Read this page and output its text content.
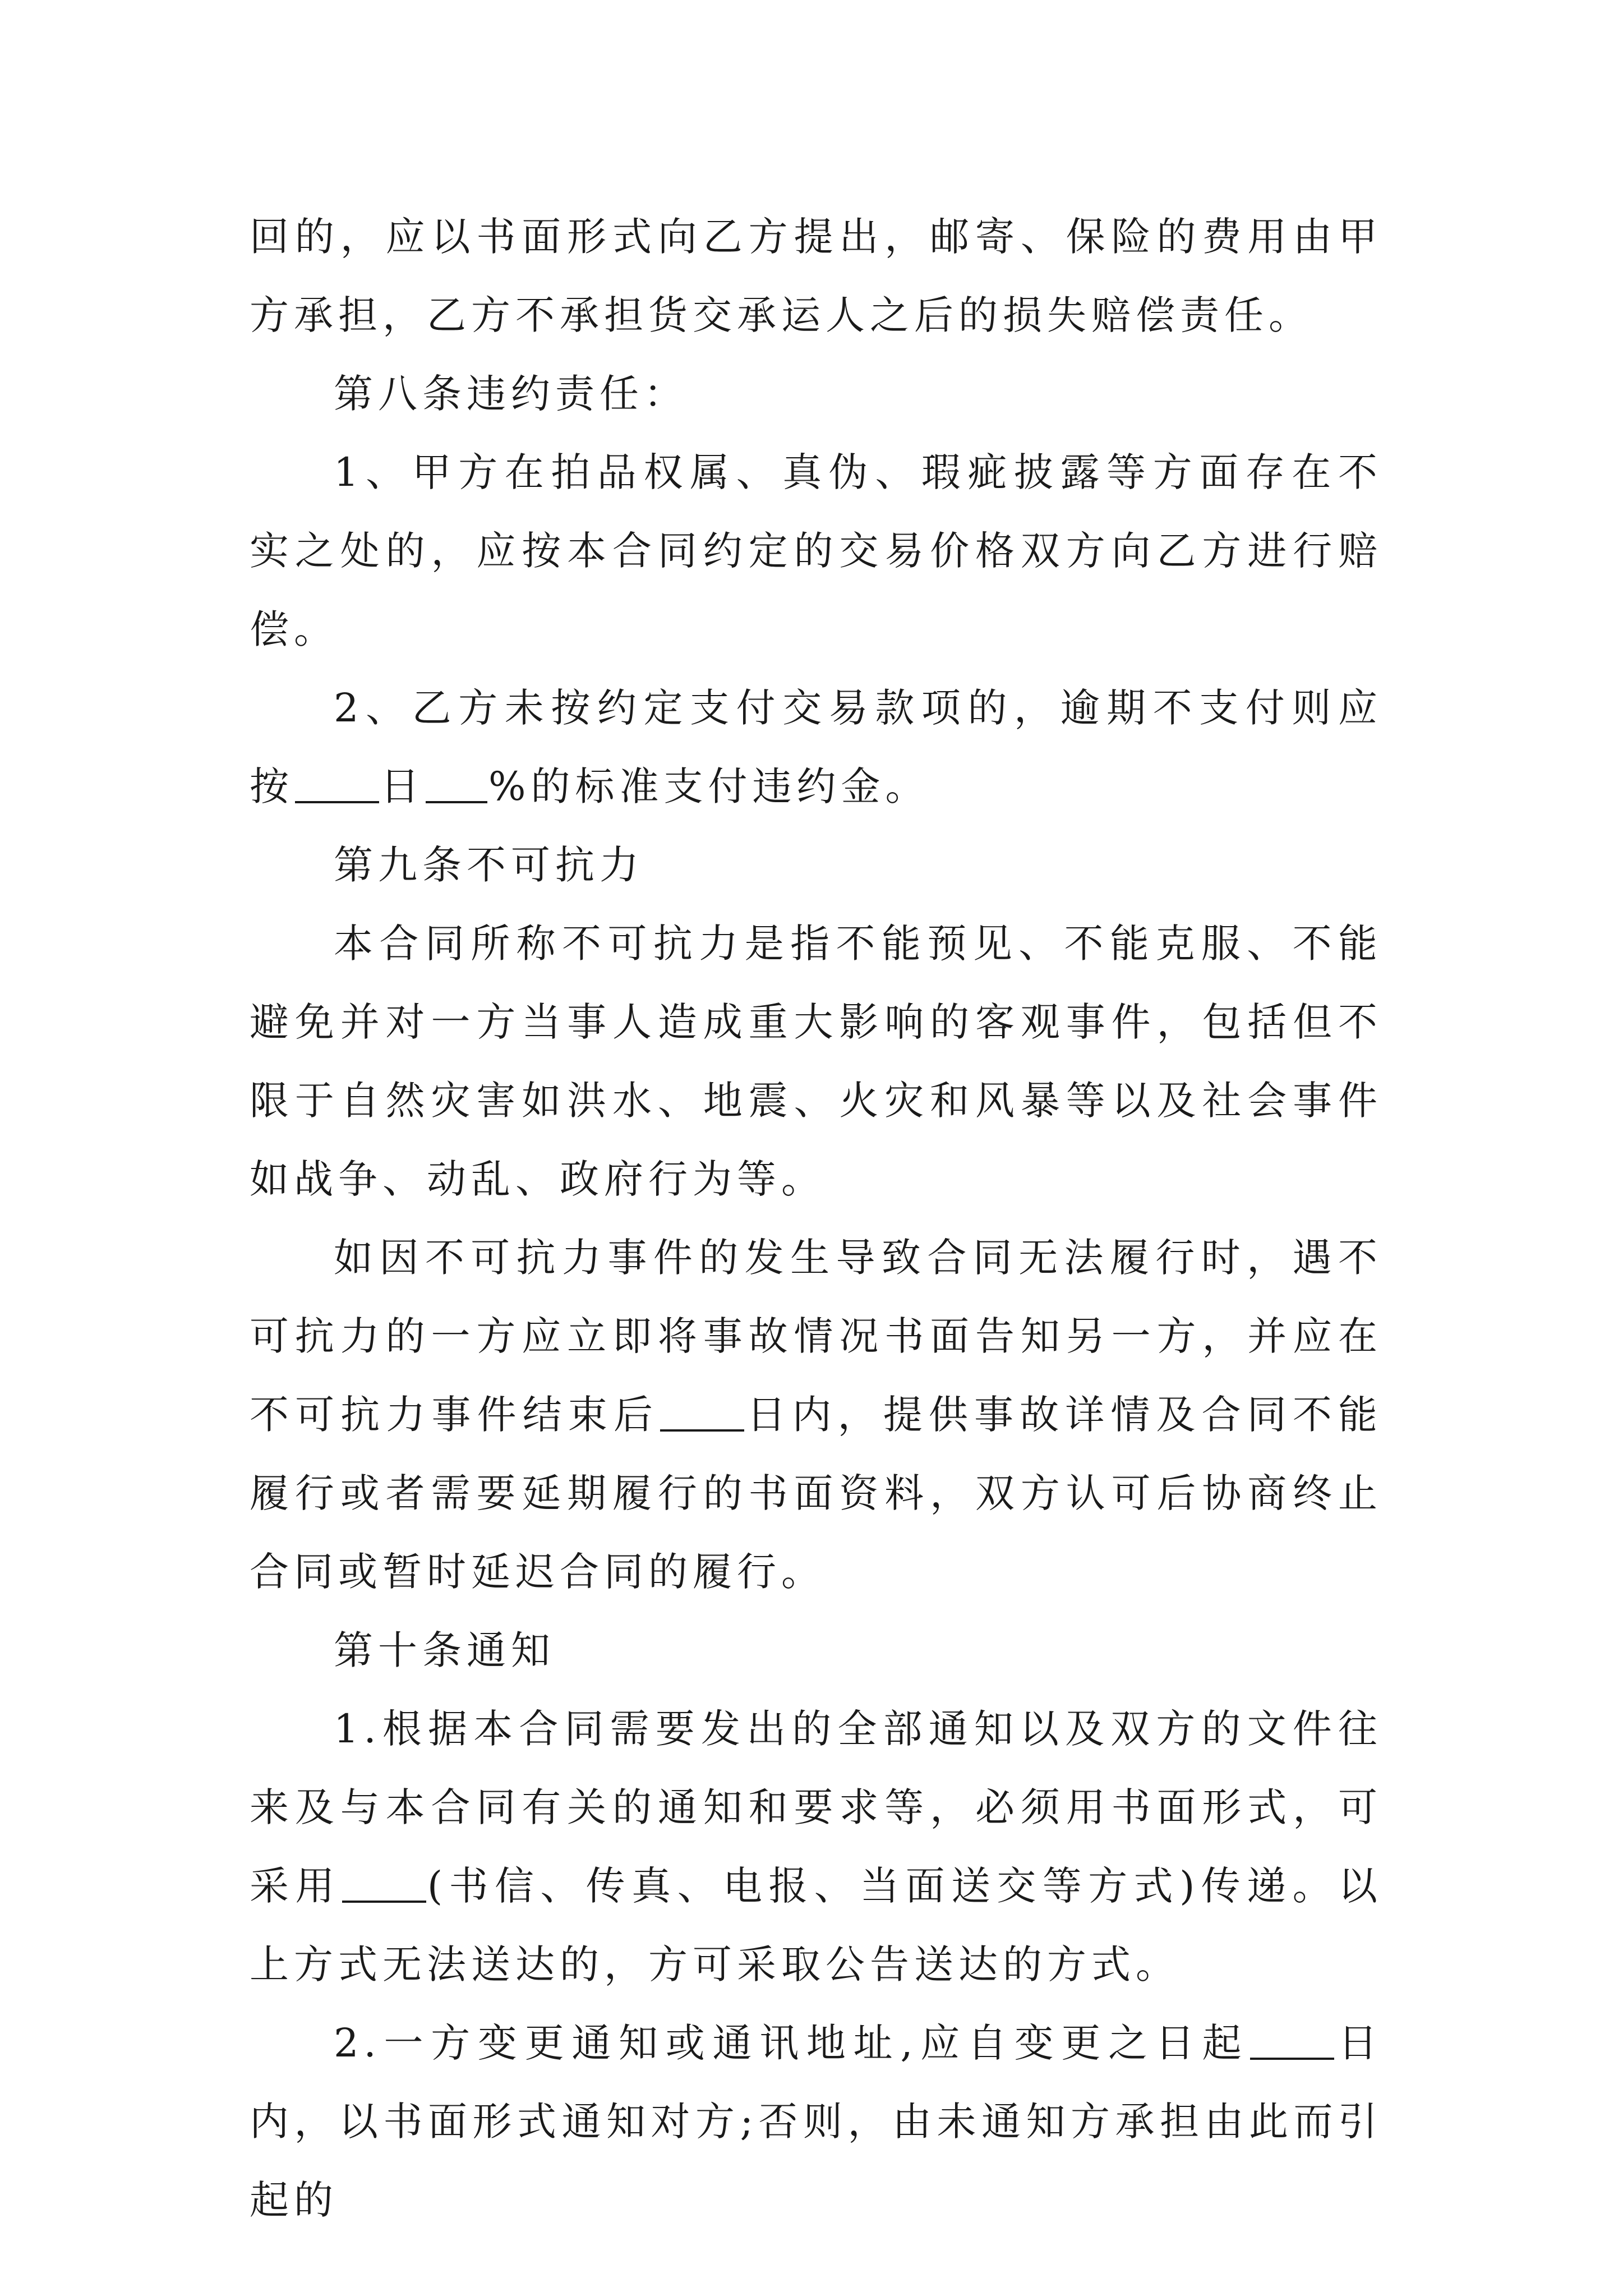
回的，应以书面形式向乙方提出，邮寄、保险的费用由甲方承担，乙方不承担货交承运人之后的损失赔偿责任。

第八条违约责任：

1、甲方在拍品权属、真伪、瑕疵披露等方面存在不实之处的，应按本合同约定的交易价格双方向乙方进行赔偿。

2、乙方未按约定支付交易款项的，逾期不支付则应按 日 %的标准支付违约金。

第九条不可抗力

本合同所称不可抗力是指不能预见、不能克服、不能避免并对一方当事人造成重大影响的客观事件，包括但不限于自然灾害如洪水、地震、火灾和风暴等以及社会事件如战争、动乱、政府行为等。

如因不可抗力事件的发生导致合同无法履行时，遇不可抗力的一方应立即将事故情况书面告知另一方，并应在不可抗力事件结束后 日内，提供事故详情及合同不能履行或者需要延期履行的书面资料，双方认可后协商终止合同或暂时延迟合同的履行。

第十条通知

1.根据本合同需要发出的全部通知以及双方的文件往来及与本合同有关的通知和要求等，必须用书面形式，可采用 (书信、传真、电报、当面送交等方式)传递。以上方式无法送达的，方可采取公告送达的方式。

2.一方变更通知或通讯地址,应自变更之日起 日内，以书面形式通知对方;否则，由未通知方承担由此而引起的
